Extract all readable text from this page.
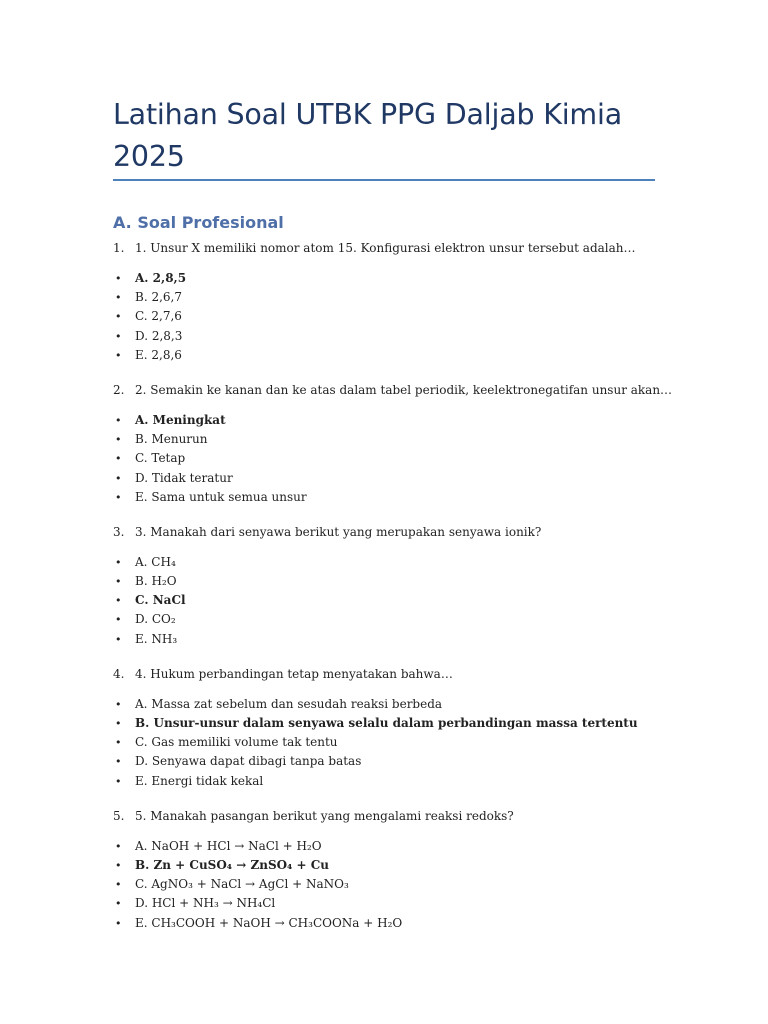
Latihan Soal UTBK PPG Daljab Kimia 2025
A. Soal Profesional
1. 1. Unsur X memiliki nomor atom 15. Konfigurasi elektron unsur tersebut adalah…
•	A. 2,8,5
•	B. 2,6,7
•	C. 2,7,6
•	D. 2,8,3
•	E. 2,8,6
2. 2. Semakin ke kanan dan ke atas dalam tabel periodik, keelektronegatifan unsur akan…
•	A. Meningkat
•	B. Menurun
•	C. Tetap
•	D. Tidak teratur
•	E. Sama untuk semua unsur
3. 3. Manakah dari senyawa berikut yang merupakan senyawa ionik?
•	A. CH₄
•	B. H₂O
•	C. NaCl
•	D. CO₂
•	E. NH₃
4. 4. Hukum perbandingan tetap menyatakan bahwa…
•	A. Massa zat sebelum dan sesudah reaksi berbeda
•	B. Unsur-unsur dalam senyawa selalu dalam perbandingan massa tertentu
•	C. Gas memiliki volume tak tentu
•	D. Senyawa dapat dibagi tanpa batas
•	E. Energi tidak kekal
5. 5. Manakah pasangan berikut yang mengalami reaksi redoks?
•	A. NaOH + HCl → NaCl + H₂O
•	B. Zn + CuSO₄ → ZnSO₄ + Cu
•	C. AgNO₃ + NaCl → AgCl + NaNO₃
•	D. HCl + NH₃ → NH₄Cl
•	E. CH₃COOH + NaOH → CH₃COONa + H₂O
